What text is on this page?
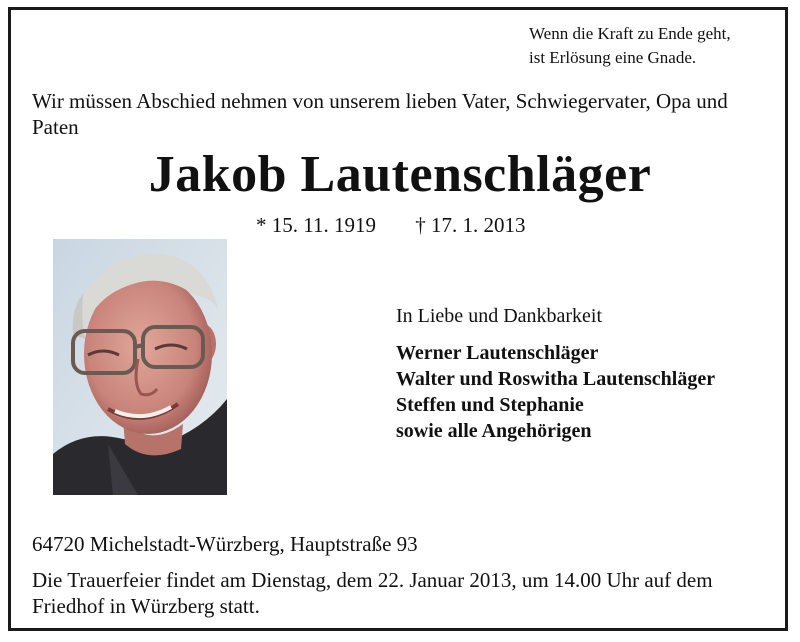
Wenn die Kraft zu Ende geht,
ist Erlösung eine Gnade.
Wir müssen Abschied nehmen von unserem lieben Vater, Schwiegervater, Opa und Paten
Jakob Lautenschläger
* 15. 11. 1919 † 17. 1. 2013
In Liebe und Dankbarkeit
Werner Lautenschläger
Walter und Roswitha Lautenschläger
Steffen und Stephanie
sowie alle Angehörigen
64720 Michelstadt-Würzberg, Hauptstraße 93
Die Trauerfeier findet am Dienstag, dem 22. Januar 2013, um 14.00 Uhr auf dem Friedhof in Würzberg statt.
